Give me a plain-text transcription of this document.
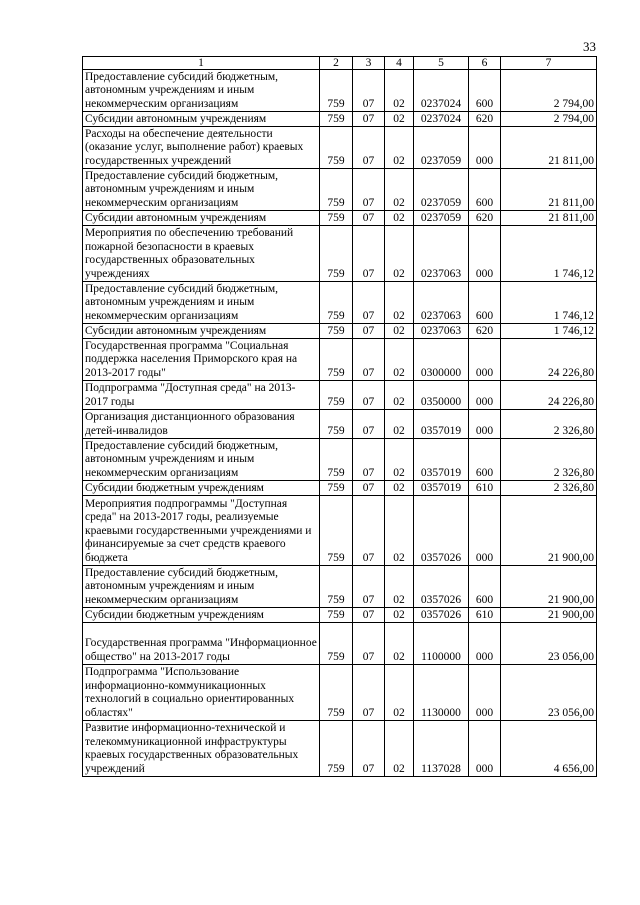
33
1	2	3	4	5	6	7
Предоставление субсидий бюджетным, автономным учреждениям и иным некоммерческим организациям	759	07	02	0237024	600	2 794,00
Субсидии автономным учреждениям	759	07	02	0237024	620	2 794,00
Расходы на обеспечение деятельности (оказание услуг, выполнение работ) краевых государственных учреждений	759	07	02	0237059	000	21 811,00
Предоставление субсидий бюджетным, автономным учреждениям и иным некоммерческим организациям	759	07	02	0237059	600	21 811,00
Субсидии автономным учреждениям	759	07	02	0237059	620	21 811,00
Мероприятия по обеспечению требований пожарной безопасности в краевых государственных образовательных учреждениях	759	07	02	0237063	000	1 746,12
Предоставление субсидий бюджетным, автономным учреждениям и иным некоммерческим организациям	759	07	02	0237063	600	1 746,12
Субсидии автономным учреждениям	759	07	02	0237063	620	1 746,12
Государственная программа "Социальная поддержка населения Приморского края на 2013-2017 годы"	759	07	02	0300000	000	24 226,80
Подпрограмма "Доступная среда" на 2013-2017 годы	759	07	02	0350000	000	24 226,80
Организация дистанционного образования детей-инвалидов	759	07	02	0357019	000	2 326,80
Предоставление субсидий бюджетным, автономным учреждениям и иным некоммерческим организациям	759	07	02	0357019	600	2 326,80
Субсидии бюджетным учреждениям	759	07	02	0357019	610	2 326,80
Мероприятия подпрограммы "Доступная среда" на 2013-2017 годы, реализуемые краевыми государственными учреждениями и финансируемые за счет средств краевого бюджета	759	07	02	0357026	000	21 900,00
Предоставление субсидий бюджетным, автономным учреждениям и иным некоммерческим организациям	759	07	02	0357026	600	21 900,00
Субсидии бюджетным учреждениям	759	07	02	0357026	610	21 900,00
Государственная программа "Информационное общество" на 2013-2017 годы	759	07	02	1100000	000	23 056,00
Подпрограмма "Использование информационно-коммуникационных технологий в социально ориентированных областях"	759	07	02	1130000	000	23 056,00
Развитие информационно-технической и телекоммуникационной инфраструктуры краевых государственных образовательных учреждений	759	07	02	1137028	000	4 656,00
